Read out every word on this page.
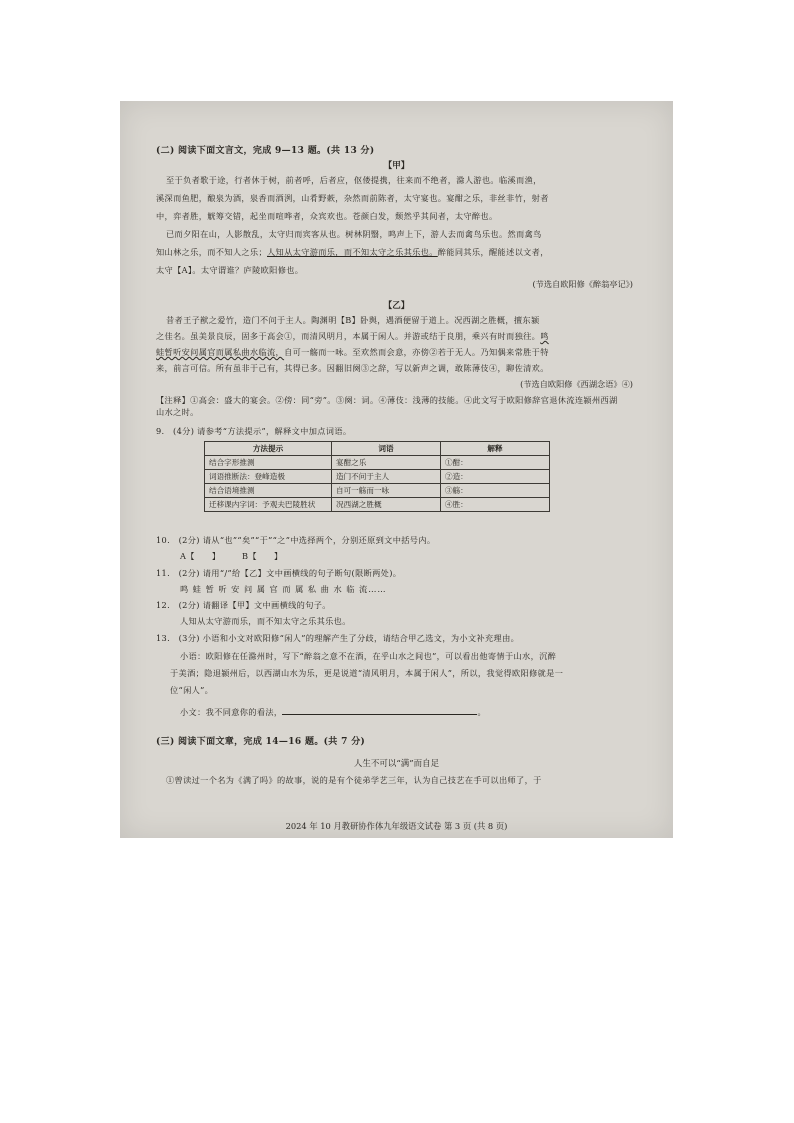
(二) 阅读下面文言文，完成 9—13 题。(共 13 分)
【甲】
至于负者歌于途，行者休于树，前者呼，后者应，伛偻提携，往来而不绝者，滁人游也。临溪而渔，
溪深而鱼肥，酿泉为酒，泉香而酒洌，山肴野蔌，杂然而前陈者，太守宴也。宴酣之乐，非丝非竹，射者
中，弈者胜，觥筹交错，起坐而喧哗者，众宾欢也。苍颜白发，颓然乎其间者，太守醉也。
已而夕阳在山，人影散乱，太守归而宾客从也。树林阴翳，鸣声上下，游人去而禽鸟乐也。然而禽鸟
知山林之乐，而不知人之乐；人知从太守游而乐，而不知太守之乐其乐也。醉能同其乐，醒能述以文者，
太守【A】。太守谓谁？庐陵欧阳修也。
(节选自欧阳修《醉翁亭记》)
【乙】
昔者王子猷之爱竹，造门不问于主人。陶渊明【B】卧舆，遇酒便留于道上。况西湖之胜概，擅东颍
之佳名。虽美景良辰，固多于高会①，而清风明月，本属于闲人。并游或结于良朋，乘兴有时而独往。鸣
蛙暂听安问属官而属私曲水临流，自可一觞而一咏。至欢然而会意，亦傍②若于无人。乃知偶来常胜于特
来，前言可信。所有虽非于己有，其得已多。因翻旧阕③之辞，写以新声之调，敢陈薄伎④，聊佐清欢。
(节选自欧阳修《西湖念语》④)
【注释】①高会：盛大的宴会。②傍：同“旁”。③阕：词。④薄伎：浅薄的技能。④此文写于欧阳修辞官退休流连颍州西湖
山水之时。
9.　(4分) 请参考“方法提示”，解释文中加点词语。
方法提示	词语	解释
结合字形推测	宴酣之乐	①酣：
词语推断法：登峰造极	造门不问于主人	②造：
结合语境推测	自可一觞而一咏	③觞：
迁移课内字词：予观夫巴陵胜状	况西湖之胜概	④胜：
10.　(2分) 请从“也”“矣”“于”“之”中选择两个，分别还原到文中括号内。
A【　　】	B【　　】
11.　(2分) 请用“/”给【乙】文中画横线的句子断句(限断两处)。
鸣 蛙 暂 听 安 问 属 官 而 属 私 曲 水 临 流……
12.　(2分) 请翻译【甲】文中画横线的句子。
人知从太守游而乐，而不知太守之乐其乐也。
13.　(3分) 小语和小文对欧阳修“闲人”的理解产生了分歧，请结合甲乙选文，为小文补充理由。
小语：欧阳修在任滁州时，写下“醉翁之意不在酒，在乎山水之间也”，可以看出他寄情于山水，沉醉
于美酒；隐退颍州后，以西湖山水为乐，更是说道“清风明月，本属于闲人”，所以，我觉得欧阳修就是一
位“闲人”。
小文：我不同意你的看法，	。
(三) 阅读下面文章，完成 14—16 题。(共 7 分)
人生不可以“满”而自足
①曾读过一个名为《满了吗》的故事，说的是有个徒弟学艺三年，认为自己技艺在手可以出师了，于
2024 年 10 月教研协作体九年级语文试卷 第 3 页 (共 8 页)
